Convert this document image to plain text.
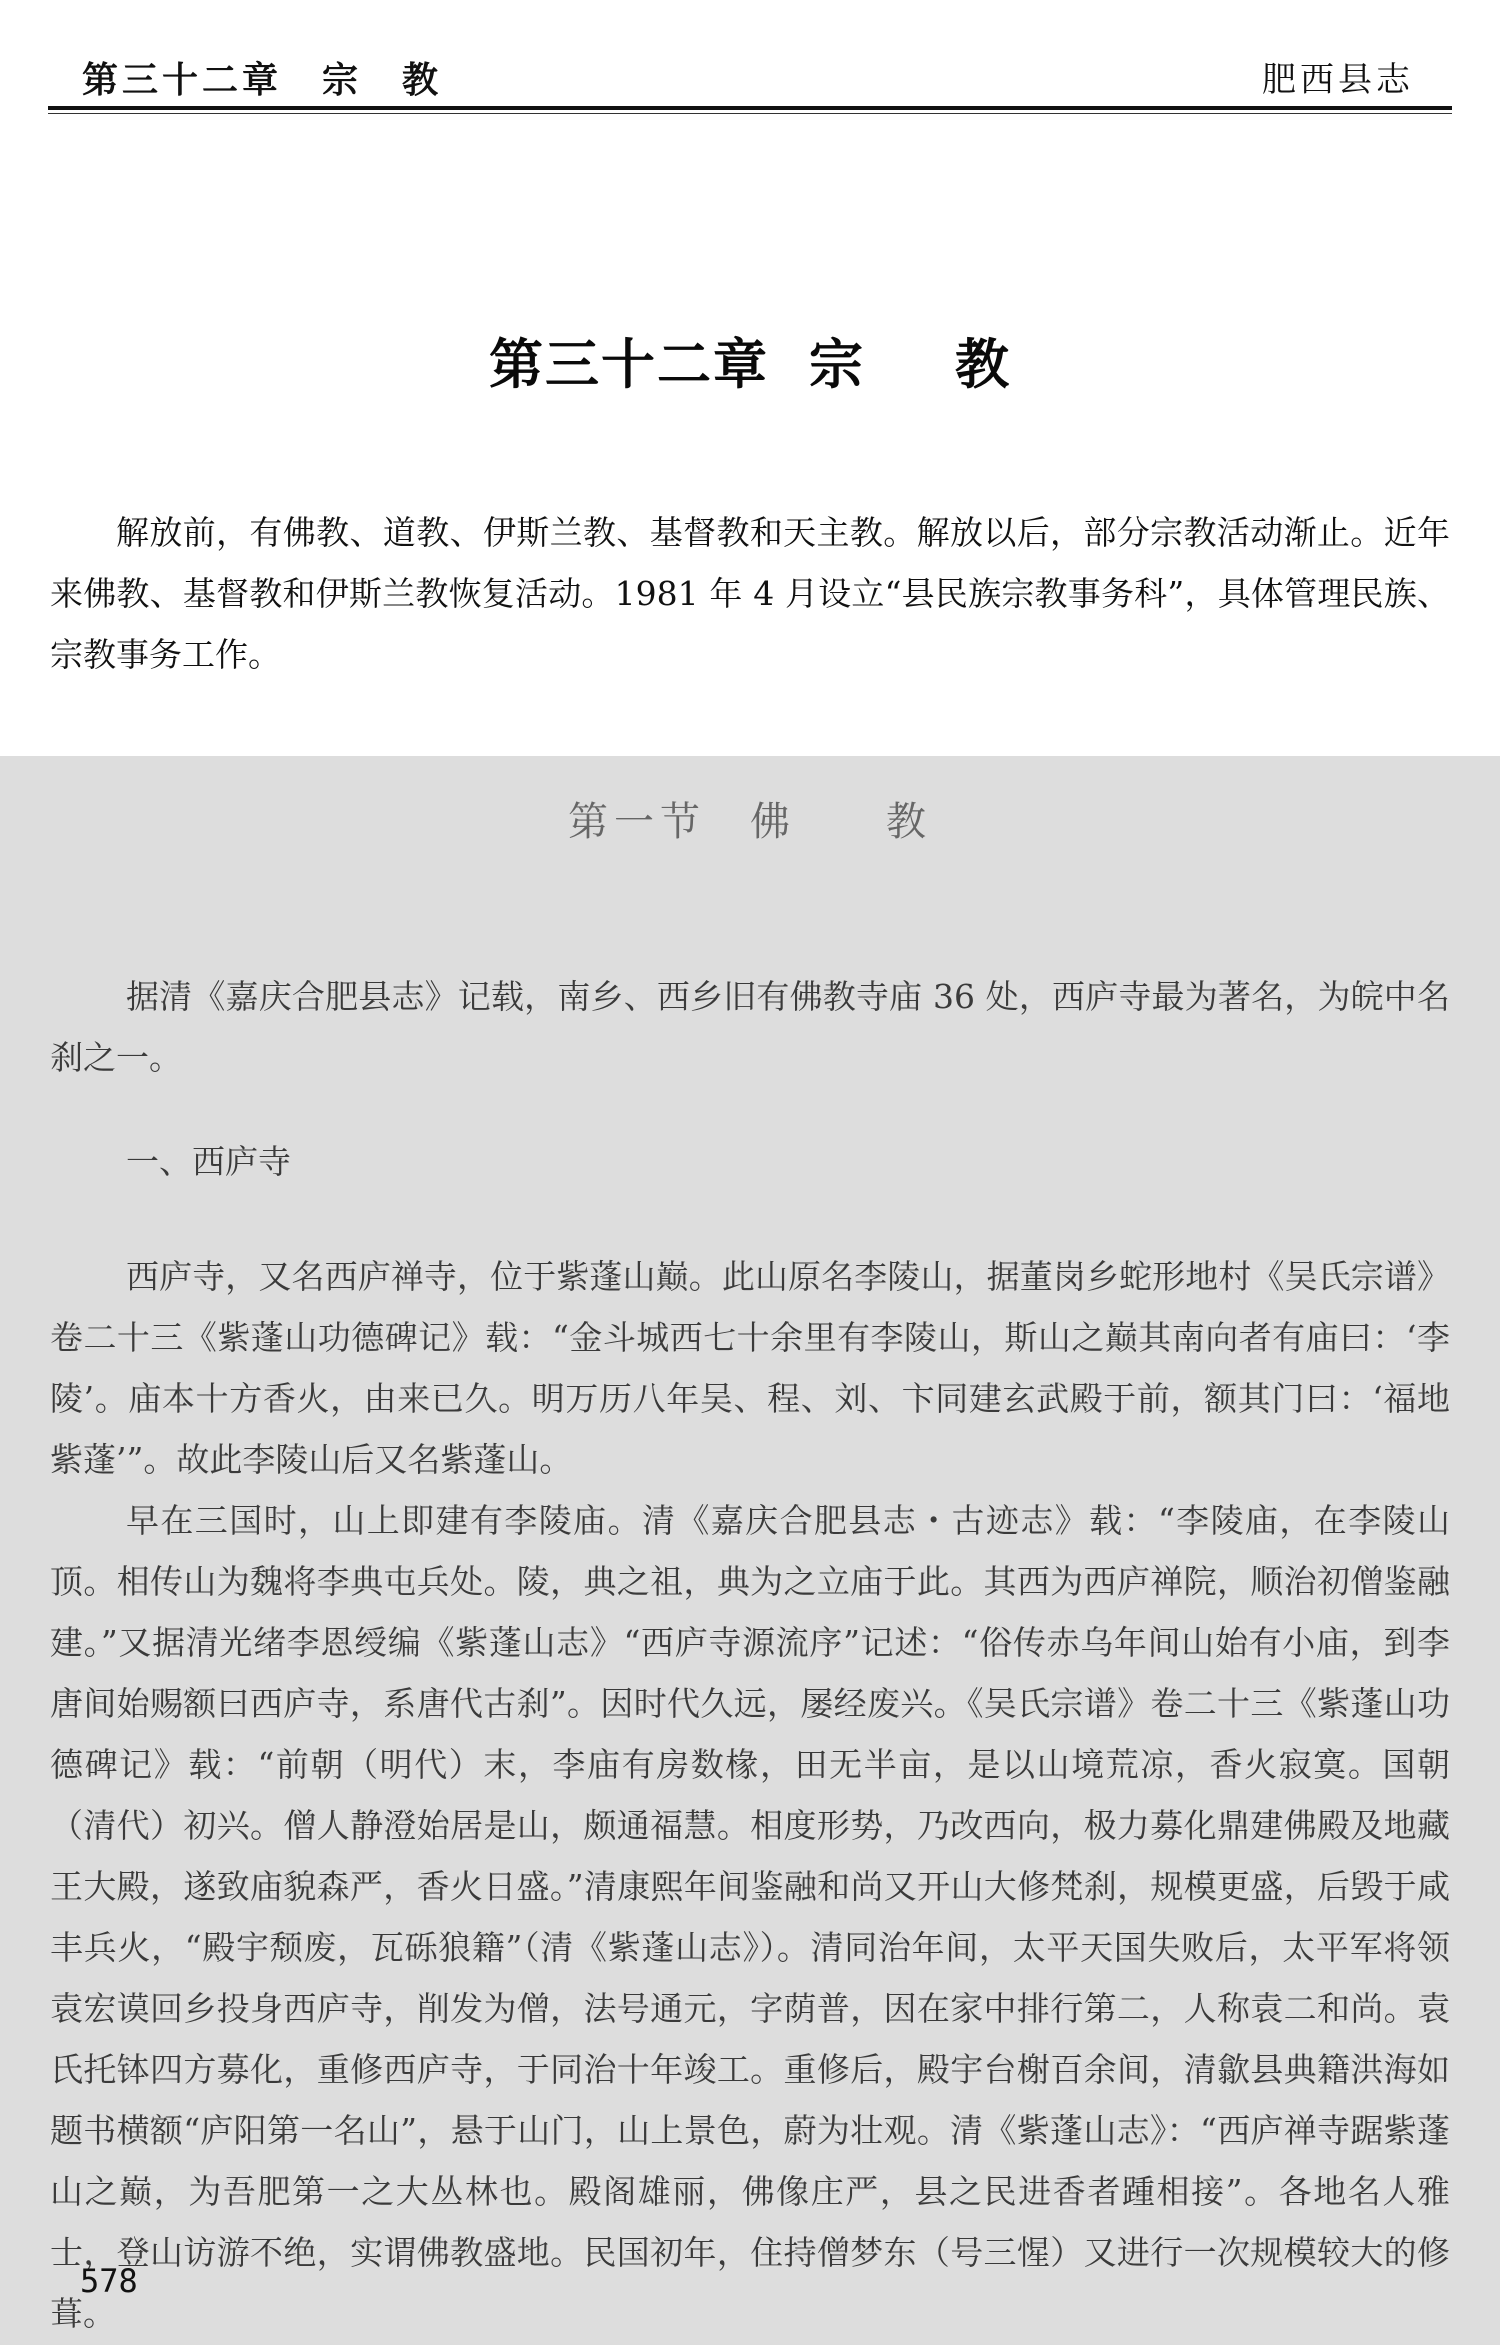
第三十二章　宗　教	肥西县志
第三十二章 宗 教
解放前，有佛教、道教、伊斯兰教、基督教和天主教。解放以后，部分宗教活动渐止。近年来佛教、基督教和伊斯兰教恢复活动。1981 年 4 月设立“县民族宗教事务科”，具体管理民族、宗教事务工作。
第一节 佛 教
据清《嘉庆合肥县志》记载，南乡、西乡旧有佛教寺庙 36 处，西庐寺最为著名，为皖中名刹之一。
一、西庐寺
西庐寺，又名西庐禅寺，位于紫蓬山巅。此山原名李陵山，据董岗乡蛇形地村《吴氏宗谱》卷二十三《紫蓬山功德碑记》载：“金斗城西七十余里有李陵山，斯山之巅其南向者有庙曰：‘李陵’。庙本十方香火，由来已久。明万历八年吴、程、刘、卞同建玄武殿于前，额其门曰：‘福地紫蓬’”。故此李陵山后又名紫蓬山。
早在三国时，山上即建有李陵庙。清《嘉庆合肥县志・古迹志》载：“李陵庙，在李陵山顶。相传山为魏将李典屯兵处。陵，典之祖，典为之立庙于此。其西为西庐禅院，顺治初僧鉴融建。”又据清光绪李恩绶编《紫蓬山志》“西庐寺源流序”记述：“俗传赤乌年间山始有小庙，到李唐间始赐额曰西庐寺，系唐代古刹”。因时代久远，屡经废兴。《吴氏宗谱》卷二十三《紫蓬山功德碑记》载：“前朝（明代）末，李庙有房数椽，田无半亩，是以山境荒凉，香火寂寞。国朝（清代）初兴。僧人静澄始居是山，颇通福慧。相度形势，乃改西向，极力募化鼎建佛殿及地藏王大殿，遂致庙貌森严，香火日盛。”清康熙年间鉴融和尚又开山大修梵刹，规模更盛，后毁于咸丰兵火，“殿宇颓废，瓦砾狼籍”（清《紫蓬山志》）。清同治年间，太平天国失败后，太平军将领袁宏谟回乡投身西庐寺，削发为僧，法号通元，字荫普，因在家中排行第二，人称袁二和尚。袁氏托钵四方募化，重修西庐寺，于同治十年竣工。重修后，殿宇台榭百余间，清歙县典籍洪海如题书横额“庐阳第一名山”，悬于山门，山上景色，蔚为壮观。清《紫蓬山志》：“西庐禅寺踞紫蓬山之巅，为吾肥第一之大丛林也。殿阁雄丽，佛像庄严，县之民进香者踵相接”。各地名人雅士，登山访游不绝，实谓佛教盛地。民国初年，住持僧梦东（号三惺）又进行一次规模较大的修葺。
578
